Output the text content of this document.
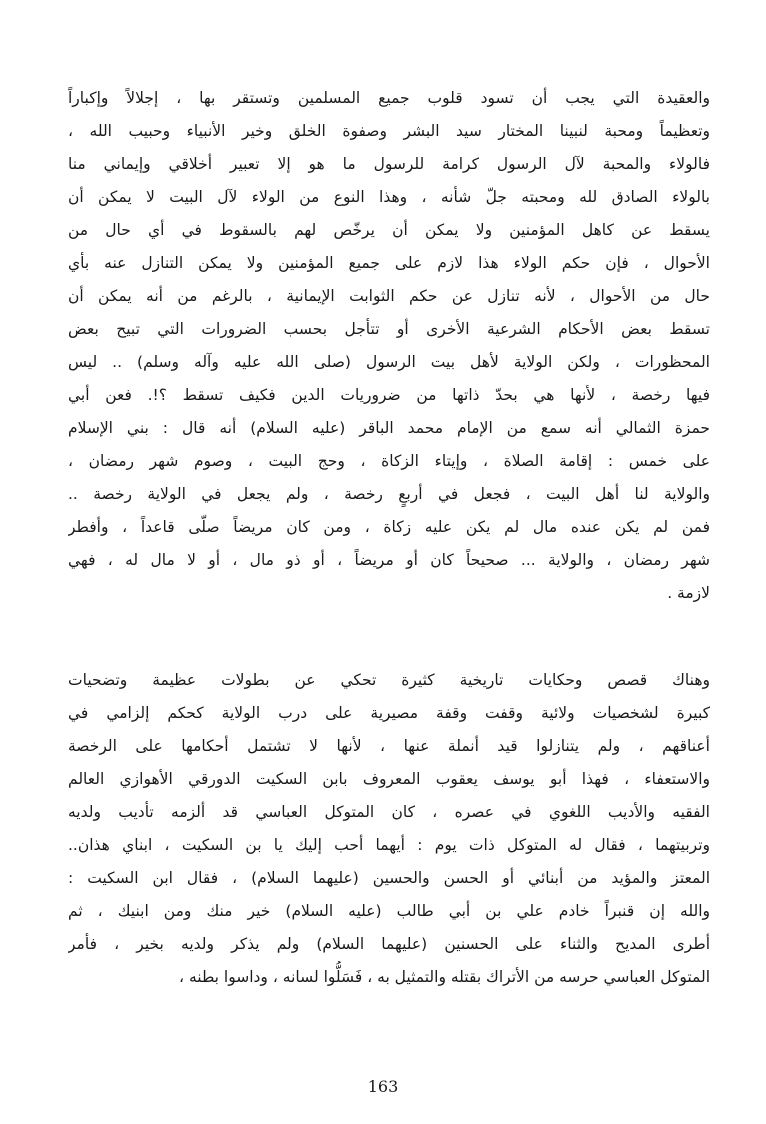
والعقيدة التي يجب أن تسود قلوب جميع المسلمين وتستقر بها ، إجلالاً وإكباراً
وتعظيماً ومحبة لنبينا المختار سيد البشر وصفوة الخلق وخير الأنبياء وحبيب الله ،
فالولاء والمحبة لآل الرسول كرامة للرسول ما هو إلا تعبير أخلاقي وإيماني منا
بالولاء الصادق لله ومحبته جلّ شأنه ، وهذا النوع من الولاء لآل البيت لا يمكن أن
يسقط عن كاهل المؤمنين ولا يمكن أن يرخّص لهم بالسقوط في أي حال من
الأحوال ، فإن حكم الولاء هذا لازم على جميع المؤمنين ولا يمكن التنازل عنه بأي
حال من الأحوال ، لأنه تنازل عن حكم الثوابت الإيمانية ، بالرغم من أنه يمكن أن
تسقط بعض الأحكام الشرعية الأخرى أو تتأجل بحسب الضرورات التي تبيح بعض
المحظورات ، ولكن الولاية لأهل بيت الرسول (صلى الله عليه وآله وسلم) .. ليس
فيها رخصة ، لأنها هي بحدّ ذاتها من ضروريات الدين فكيف تسقط ؟!. فعن أبي
حمزة الثمالي أنه سمع من الإمام محمد الباقر (عليه السلام) أنه قال : بني الإسلام
على خمس : إقامة الصلاة ، وإيتاء الزكاة ، وحج البيت ، وصوم شهر رمضان ،
والولاية لنا أهل البيت ، فجعل في أربعٍ رخصة ، ولم يجعل في الولاية رخصة ..
فمن لم يكن عنده مال لم يكن عليه زكاة ، ومن كان مريضاً صلّى قاعداً ، وأفطر
شهر رمضان ، والولاية ... صحيحاً كان أو مريضاً ، أو ذو مال ، أو لا مال له ، فهي
لازمة .
وهناك قصص وحكايات تاريخية كثيرة تحكي عن بطولات عظيمة وتضحيات
كبيرة لشخصيات ولائية وقفت وقفة مصيرية على درب الولاية كحكم إلزامي في
أعناقهم ، ولم يتنازلوا قيد أنملة عنها ، لأنها لا تشتمل أحكامها على الرخصة
والاستعفاء ، فهذا أبو يوسف يعقوب المعروف بابن السكيت الدورقي الأهوازي العالم
الفقيه والأديب اللغوي في عصره ، كان المتوكل العباسي قد ألزمه تأديب ولديه
وتربيتهما ، فقال له المتوكل ذات يوم : أيهما أحب إليك يا بن السكيت ، ابناي هذان..
المعتز والمؤيد من أبنائي أو الحسن والحسين (عليهما السلام) ، فقال ابن السكيت :
والله إن قنبراً خادم علي بن أبي طالب (عليه السلام) خير منك ومن ابنيك ، ثم
أطرى المديح والثناء على الحسنين (عليهما السلام) ولم يذكر ولديه بخير ، فأمر
المتوكل العباسي حرسه من الأتراك بقتله والتمثيل به ، فَسَلُّوا لسانه ، وداسوا بطنه ،
163
